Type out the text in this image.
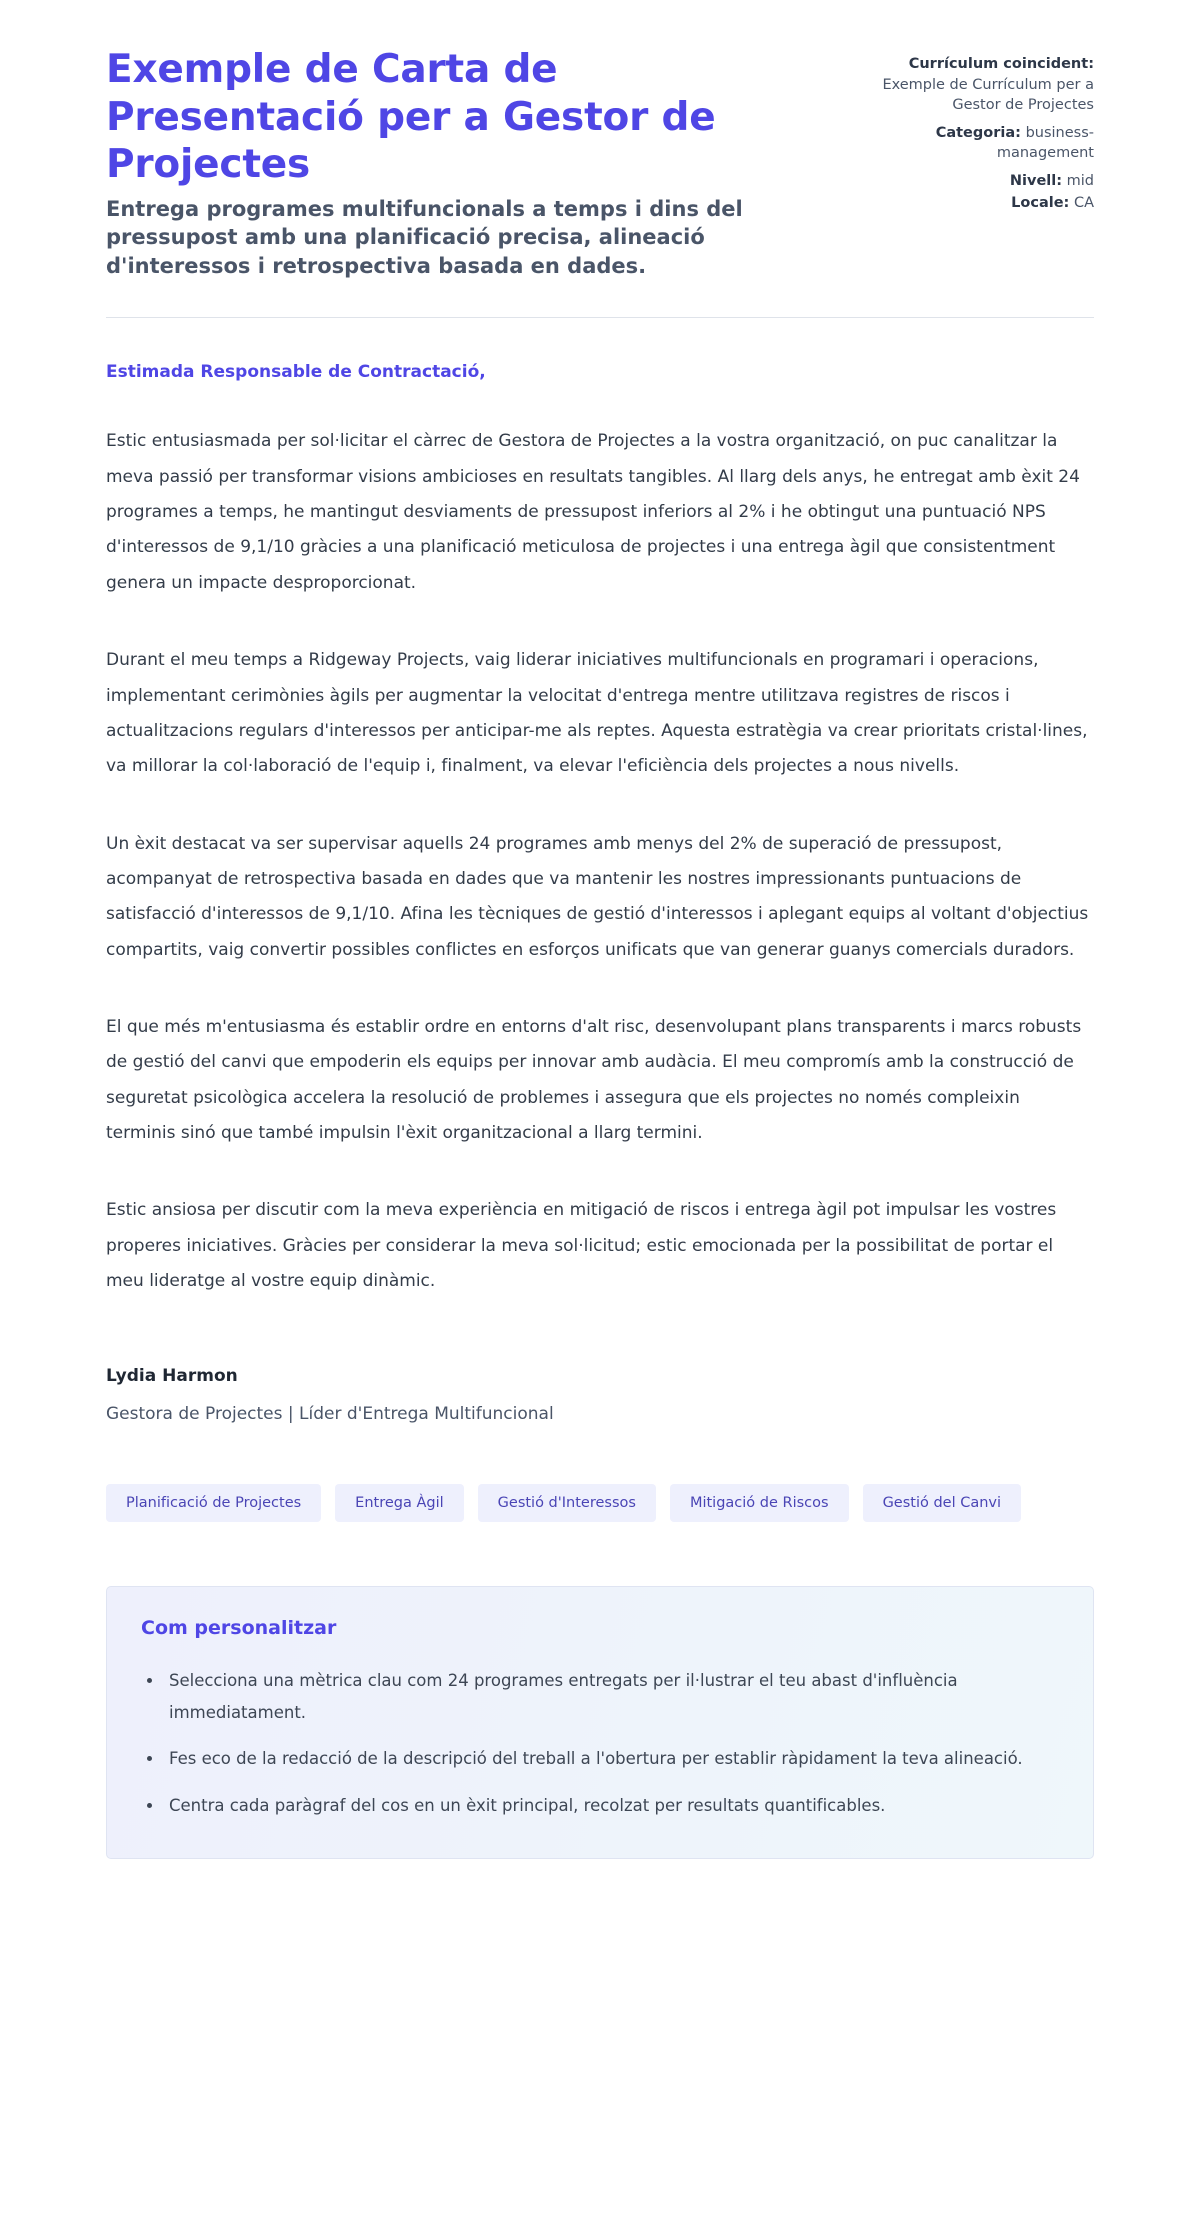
Exemple de Carta de Presentació per a Gestor de Projectes

Entrega programes multifuncionals a temps i dins del pressupost amb una planificació precisa, alineació d'interessos i retrospectiva basada en dades.

Currículum coincident:
Exemple de Currículum per a Gestor de Projectes
Categoria: business-management
Nivell: mid
Locale: CA

Estimada Responsable de Contractació,

Estic entusiasmada per sol·licitar el càrrec de Gestora de Projectes a la vostra organització, on puc canalitzar la meva passió per transformar visions ambicioses en resultats tangibles. Al llarg dels anys, he entregat amb èxit 24 programes a temps, he mantingut desviaments de pressupost inferiors al 2% i he obtingut una puntuació NPS d'interessos de 9,1/10 gràcies a una planificació meticulosa de projectes i una entrega àgil que consistentment genera un impacte desproporcionat.

Durant el meu temps a Ridgeway Projects, vaig liderar iniciatives multifuncionals en programari i operacions, implementant cerimònies àgils per augmentar la velocitat d'entrega mentre utilitzava registres de riscos i actualitzacions regulars d'interessos per anticipar-me als reptes. Aquesta estratègia va crear prioritats cristal·lines, va millorar la col·laboració de l'equip i, finalment, va elevar l'eficiència dels projectes a nous nivells.

Un èxit destacat va ser supervisar aquells 24 programes amb menys del 2% de superació de pressupost, acompanyat de retrospectiva basada en dades que va mantenir les nostres impressionants puntuacions de satisfacció d'interessos de 9,1/10. Afina les tècniques de gestió d'interessos i aplegant equips al voltant d'objectius compartits, vaig convertir possibles conflictes en esforços unificats que van generar guanys comercials duradors.

El que més m'entusiasma és establir ordre en entorns d'alt risc, desenvolupant plans transparents i marcs robusts de gestió del canvi que empoderin els equips per innovar amb audàcia. El meu compromís amb la construcció de seguretat psicològica accelera la resolució de problemes i assegura que els projectes no només compleixin terminis sinó que també impulsin l'èxit organitzacional a llarg termini.

Estic ansiosa per discutir com la meva experiència en mitigació de riscos i entrega àgil pot impulsar les vostres properes iniciatives. Gràcies per considerar la meva sol·licitud; estic emocionada per la possibilitat de portar el meu lideratge al vostre equip dinàmic.

Lydia Harmon

Gestora de Projectes | Líder d'Entrega Multifuncional

Planificació de Projectes	Entrega Àgil	Gestió d'Interessos	Mitigació de Riscos	Gestió del Canvi
Com personalitzar
Selecciona una mètrica clau com 24 programes entregats per il·lustrar el teu abast d'influència immediatament.
Fes eco de la redacció de la descripció del treball a l'obertura per establir ràpidament la teva alineació.
Centra cada paràgraf del cos en un èxit principal, recolzat per resultats quantificables.
